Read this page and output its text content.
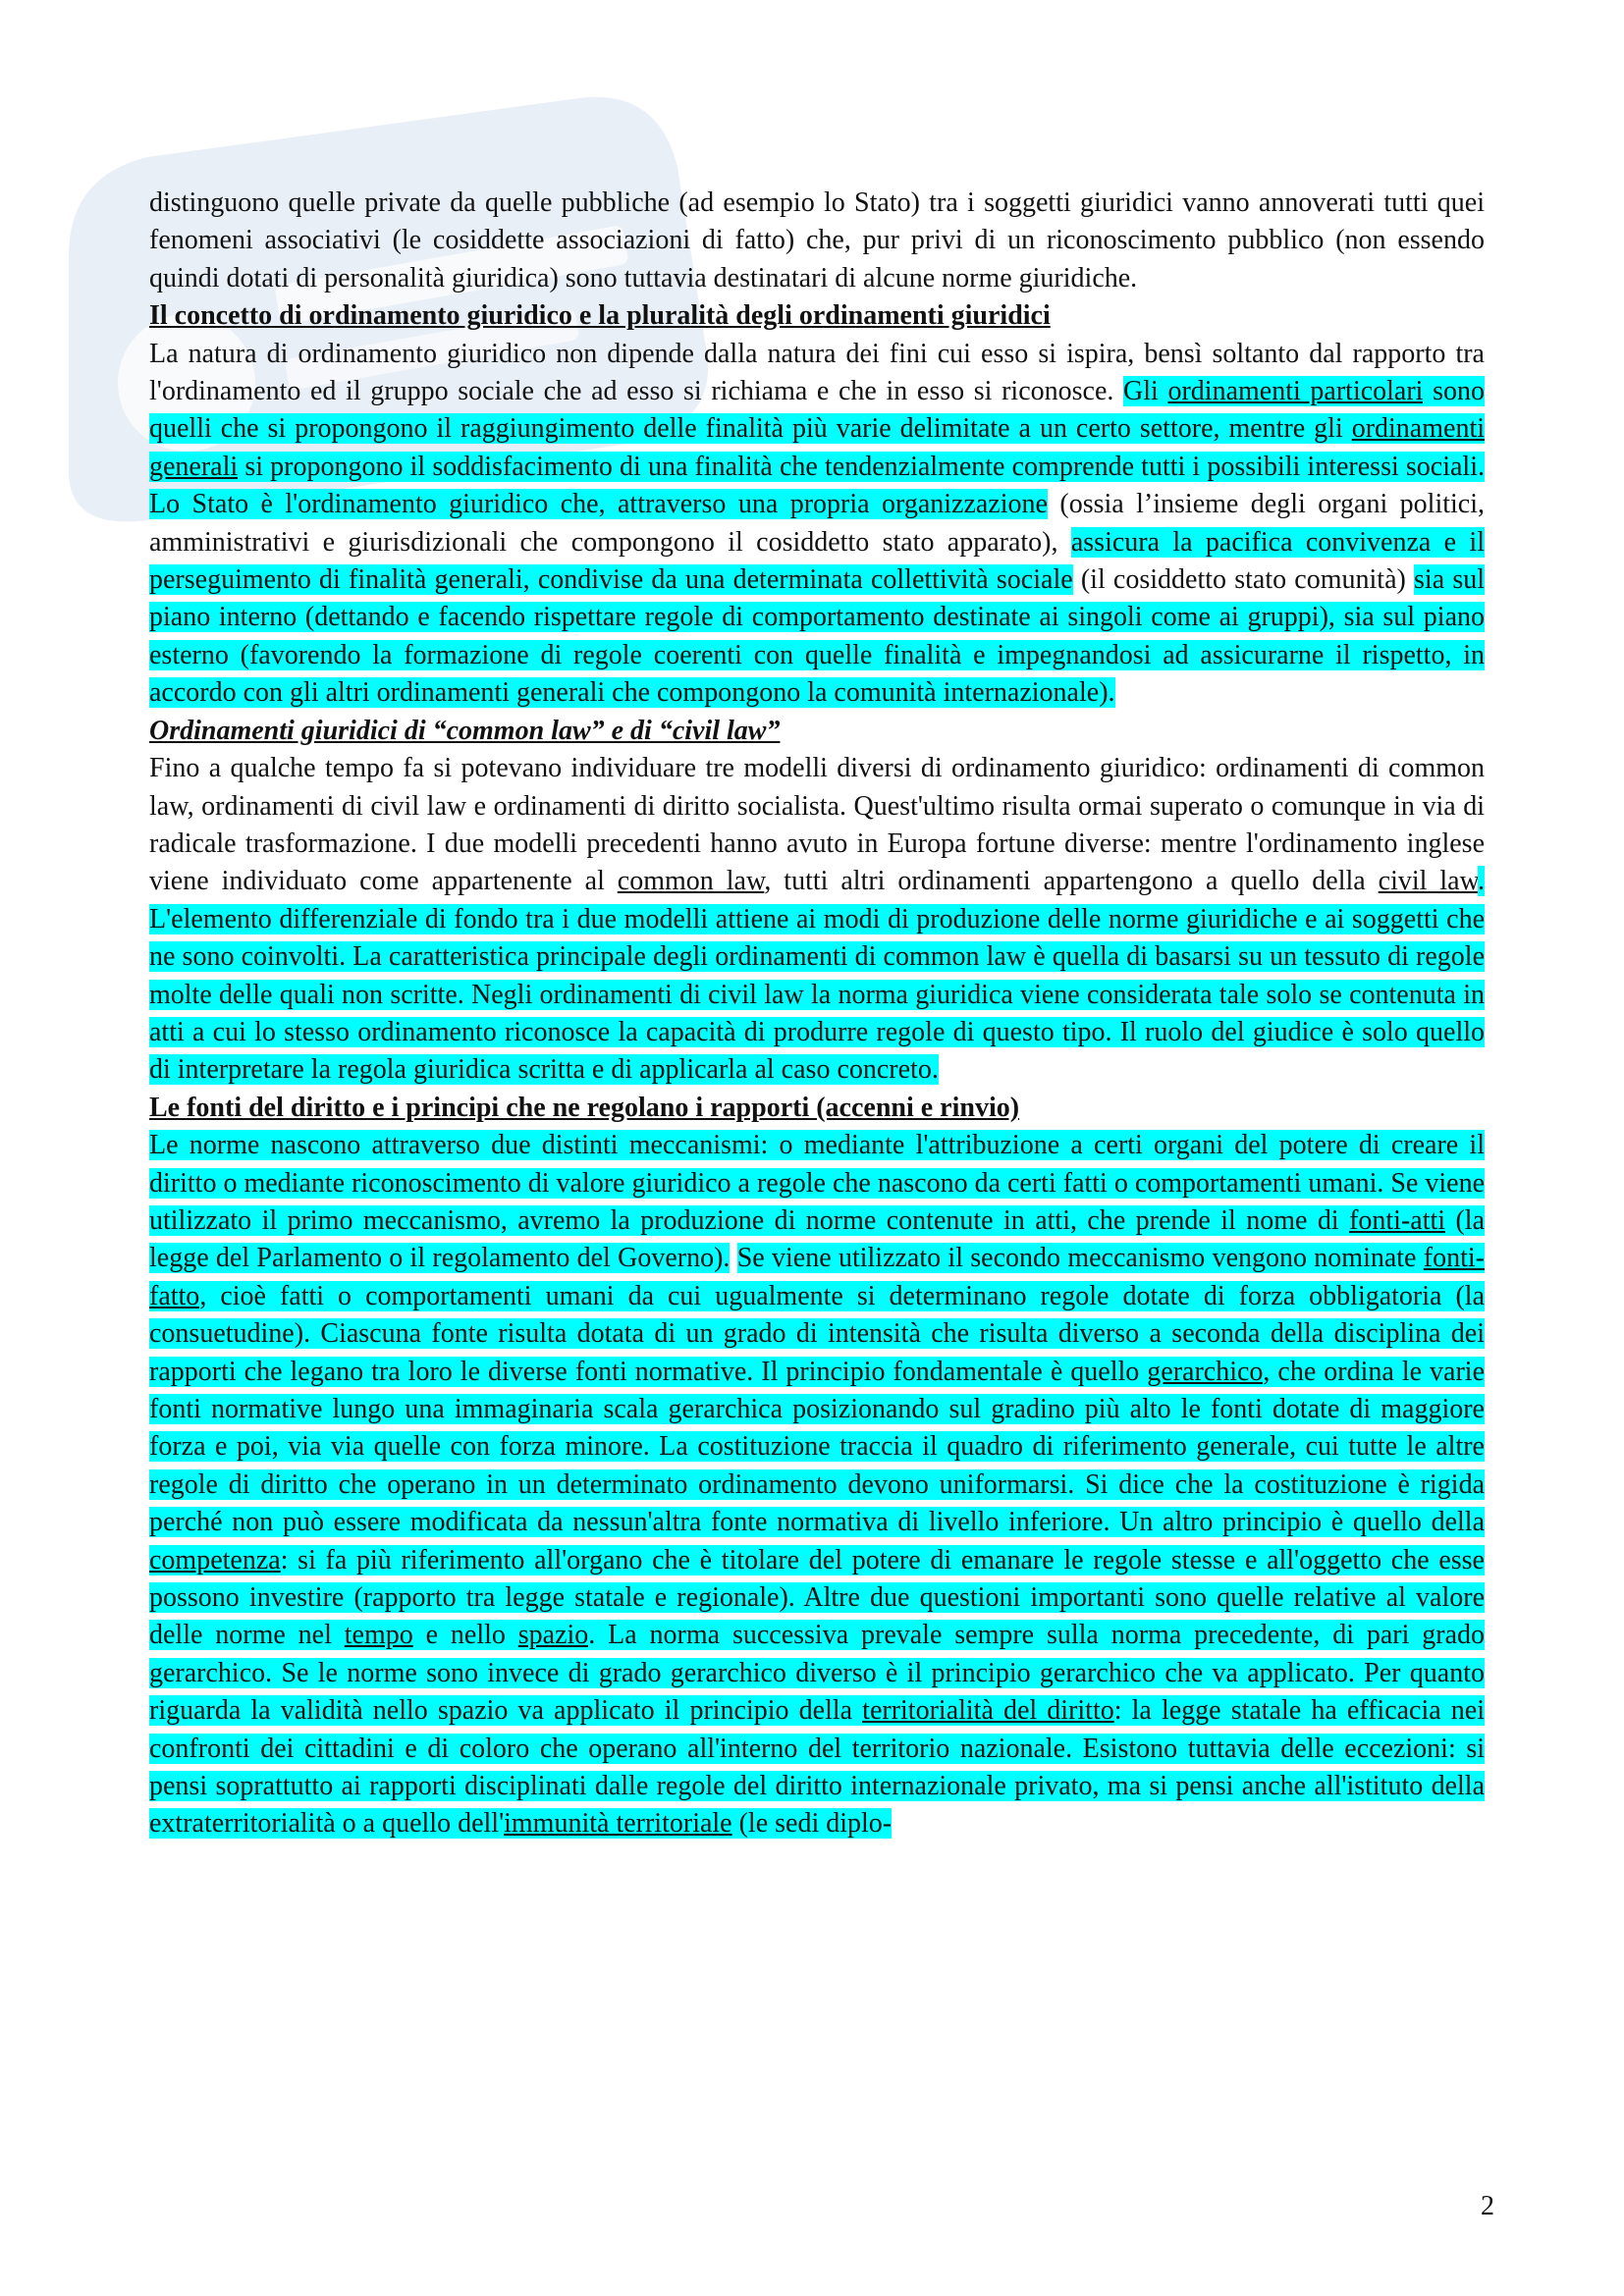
distinguono quelle private da quelle pubbliche (ad esempio lo Stato) tra i soggetti giuridici vanno annoverati tutti quei fenomeni associativi (le cosiddette associazioni di fatto) che, pur privi di un riconoscimento pubblico (non essendo quindi dotati di personalità giuridica) sono tuttavia destinatari di alcune norme giuridiche.

Il concetto di ordinamento giuridico e la pluralità degli ordinamenti giuridici

La natura di ordinamento giuridico non dipende dalla natura dei fini cui esso si ispira, bensì soltanto dal rapporto tra l'ordinamento ed il gruppo sociale che ad esso si richiama e che in esso si riconosce. Gli ordinamenti particolari sono quelli che si propongono il raggiungimento delle finalità più varie delimitate a un certo settore, mentre gli ordinamenti generali si propongono il soddisfacimento di una finalità che tendenzialmente comprende tutti i possibili interessi sociali. Lo Stato è l'ordinamento giuridico che, attraverso una propria organizzazione (ossia l’insieme degli organi politici, amministrativi e giurisdizionali che compongono il cosiddetto stato apparato), assicura la pacifica convivenza e il perseguimento di finalità generali, condivise da una determinata collettività sociale (il cosiddetto stato comunità) sia sul piano interno (dettando e facendo rispettare regole di comportamento destinate ai singoli come ai gruppi), sia sul piano esterno (favorendo la formazione di regole coerenti con quelle finalità e impegnandosi ad assicurarne il rispetto, in accordo con gli altri ordinamenti generali che compongono la comunità internazionale).

Ordinamenti giuridici di “common law” e di “civil law”

Fino a qualche tempo fa si potevano individuare tre modelli diversi di ordinamento giuridico: ordinamenti di common law, ordinamenti di civil law e ordinamenti di diritto socialista. Quest'ultimo risulta ormai superato o comunque in via di radicale trasformazione. I due modelli precedenti hanno avuto in Europa fortune diverse: mentre l'ordinamento inglese viene individuato come appartenente al common law, tutti altri ordinamenti appartengono a quello della civil law. L'elemento differenziale di fondo tra i due modelli attiene ai modi di produzione delle norme giuridiche e ai soggetti che ne sono coinvolti. La caratteristica principale degli ordinamenti di common law è quella di basarsi su un tessuto di regole molte delle quali non scritte. Negli ordinamenti di civil law la norma giuridica viene considerata tale solo se contenuta in atti a cui lo stesso ordinamento riconosce la capacità di produrre regole di questo tipo. Il ruolo del giudice è solo quello di interpretare la regola giuridica scritta e di applicarla al caso concreto.

Le fonti del diritto e i principi che ne regolano i rapporti (accenni e rinvio)

Le norme nascono attraverso due distinti meccanismi: o mediante l'attribuzione a certi organi del potere di creare il diritto o mediante riconoscimento di valore giuridico a regole che nascono da certi fatti o comportamenti umani. Se viene utilizzato il primo meccanismo, avremo la produzione di norme contenute in atti, che prende il nome di fonti-atti (la legge del Parlamento o il regolamento del Governo). Se viene utilizzato il secondo meccanismo vengono nominate fonti-fatto, cioè fatti o comportamenti umani da cui ugualmente si determinano regole dotate di forza obbligatoria (la consuetudine). Ciascuna fonte risulta dotata di un grado di intensità che risulta diverso a seconda della disciplina dei rapporti che legano tra loro le diverse fonti normative. Il principio fondamentale è quello gerarchico, che ordina le varie fonti normative lungo una immaginaria scala gerarchica posizionando sul gradino più alto le fonti dotate di maggiore forza e poi, via via quelle con forza minore. La costituzione traccia il quadro di riferimento generale, cui tutte le altre regole di diritto che operano in un determinato ordinamento devono uniformarsi. Si dice che la costituzione è rigida perché non può essere modificata da nessun'altra fonte normativa di livello inferiore. Un altro principio è quello della competenza: si fa più riferimento all'organo che è titolare del potere di emanare le regole stesse e all'oggetto che esse possono investire (rapporto tra legge statale e regionale). Altre due questioni importanti sono quelle relative al valore delle norme nel tempo e nello spazio. La norma successiva prevale sempre sulla norma precedente, di pari grado gerarchico. Se le norme sono invece di grado gerarchico diverso è il principio gerarchico che va applicato. Per quanto riguarda la validità nello spazio va applicato il principio della territorialità del diritto: la legge statale ha efficacia nei confronti dei cittadini e di coloro che operano all'interno del territorio nazionale. Esistono tuttavia delle eccezioni: si pensi soprattutto ai rapporti disciplinati dalle regole del diritto internazionale privato, ma si pensi anche all'istituto della extraterritorialità o a quello dell'immunità territoriale (le sedi diplo-

2
